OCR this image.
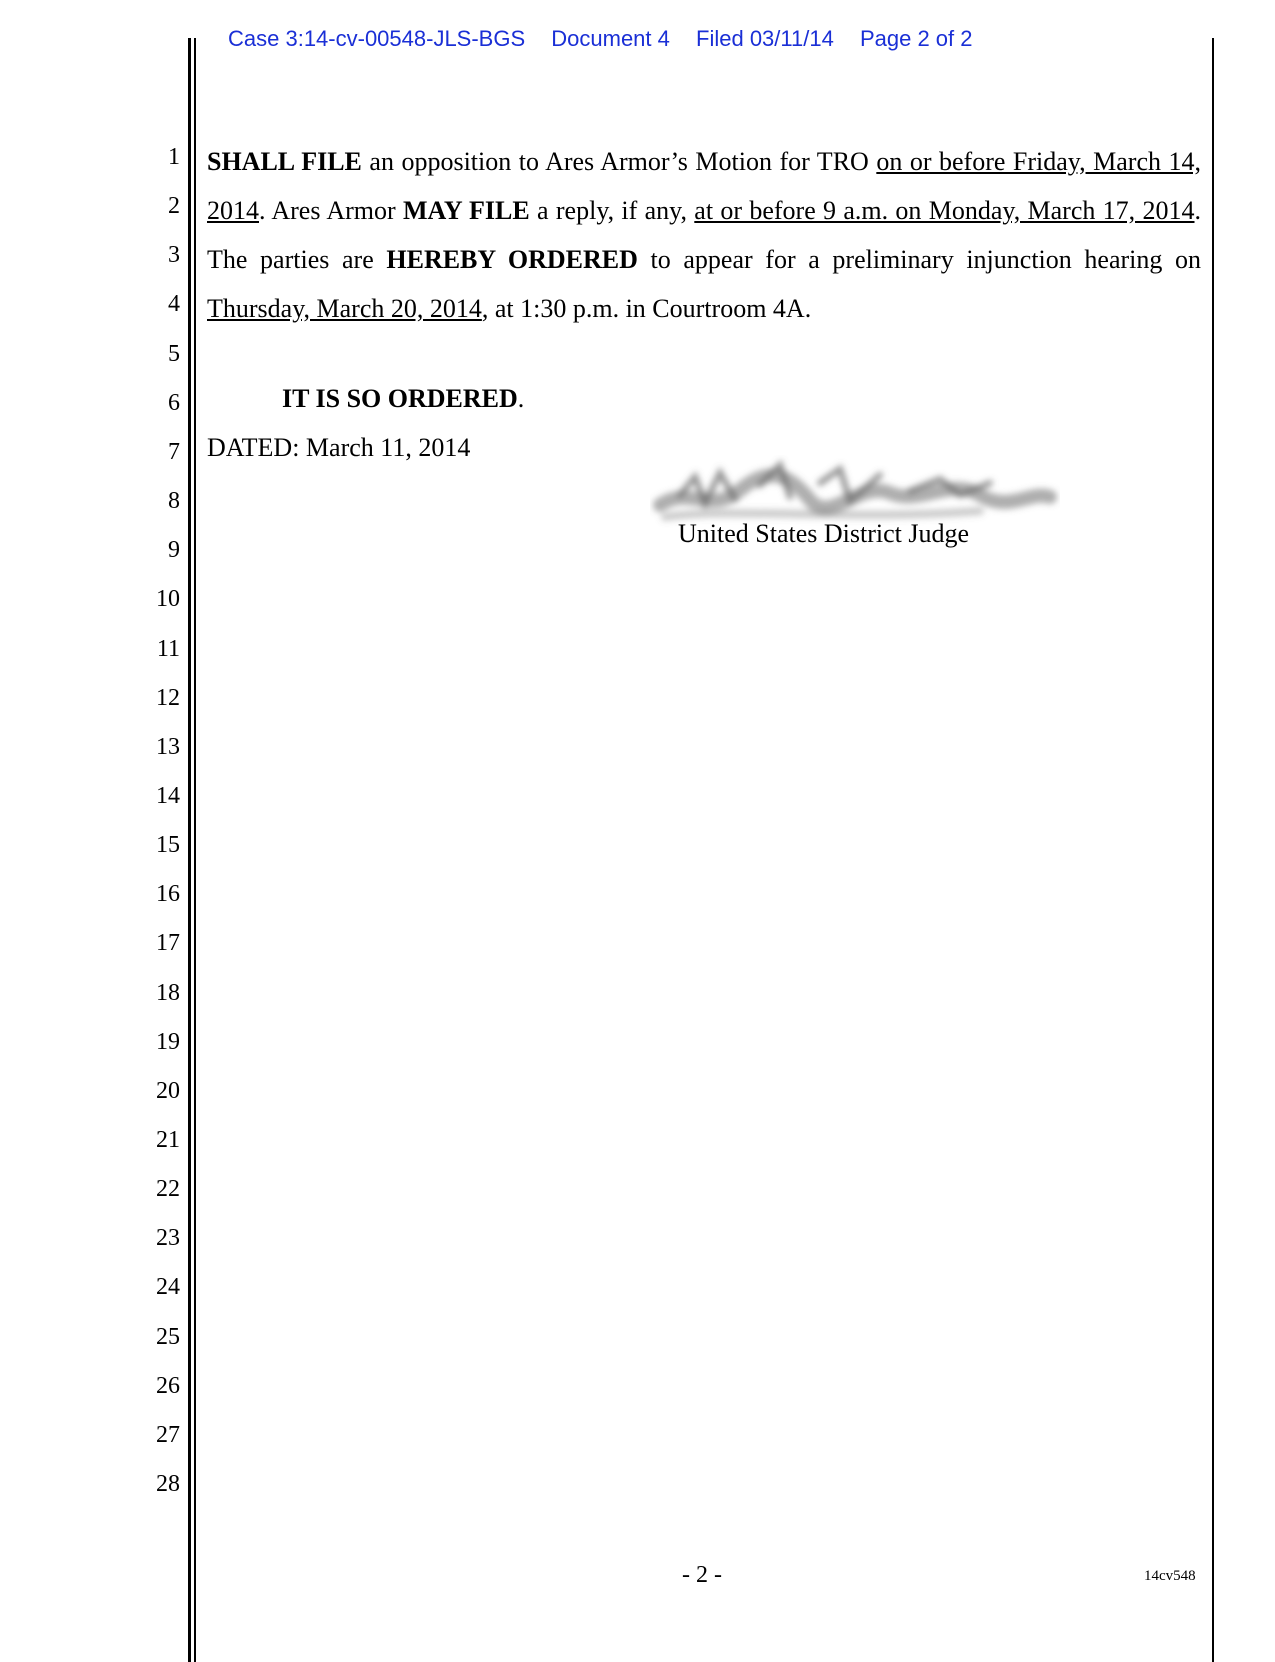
Case 3:14-cv-00548-JLS-BGS Document 4 Filed 03/11/14 Page 2 of 2
1
2
3
4
5
6
7
8
9
10
11
12
13
14
15
16
17
18
19
20
21
22
23
24
25
26
27
28
SHALL FILE an opposition to Ares Armor’s Motion for TRO on or before Friday, March 14, 2014. Ares Armor MAY FILE a reply, if any, at or before 9 a.m. on Monday, March 17, 2014. The parties are HEREBY ORDERED to appear for a preliminary injunction hearing on Thursday, March 20, 2014, at 1:30 p.m. in Courtroom 4A.
IT IS SO ORDERED.
DATED: March 11, 2014
United States District Judge
- 2 -	14cv548
